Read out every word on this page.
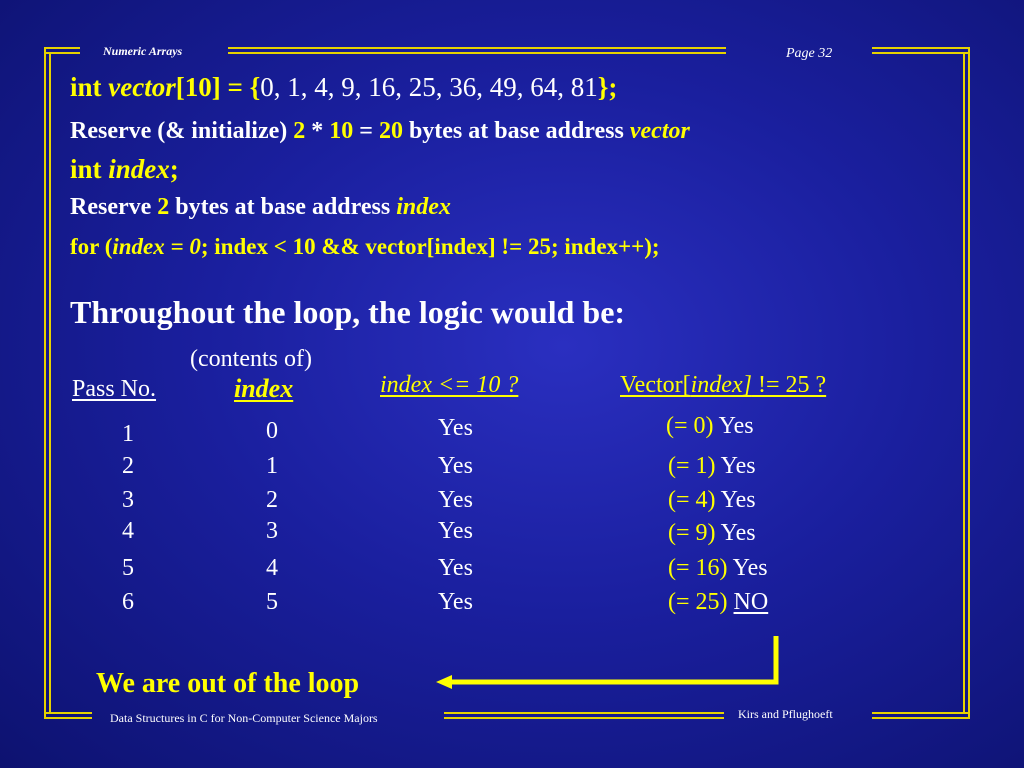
Numeric Arrays	Page 32
Data Structures in C for Non-Computer Science Majors	Kirs and Pflughoeft
int vector[10] = {0, 1, 4, 9, 16, 25, 36, 49, 64, 81};
Reserve (& initialize) 2 * 10 = 20 bytes at base address vector
int index;
Reserve 2 bytes at base address index
for (index = 0; index < 10 && vector[index] != 25; index++);
Throughout the loop, the logic would be:
(contents of)
Pass No.	index	index <= 10 ?	Vector[index] != 25 ?
1	0	Yes	(= 0) Yes
2	1	Yes	(= 1) Yes
3	2	Yes	(= 4) Yes
4	3	Yes	(= 9) Yes
5	4	Yes	(= 16) Yes
6	5	Yes	(= 25) NO
We are out of the loop
